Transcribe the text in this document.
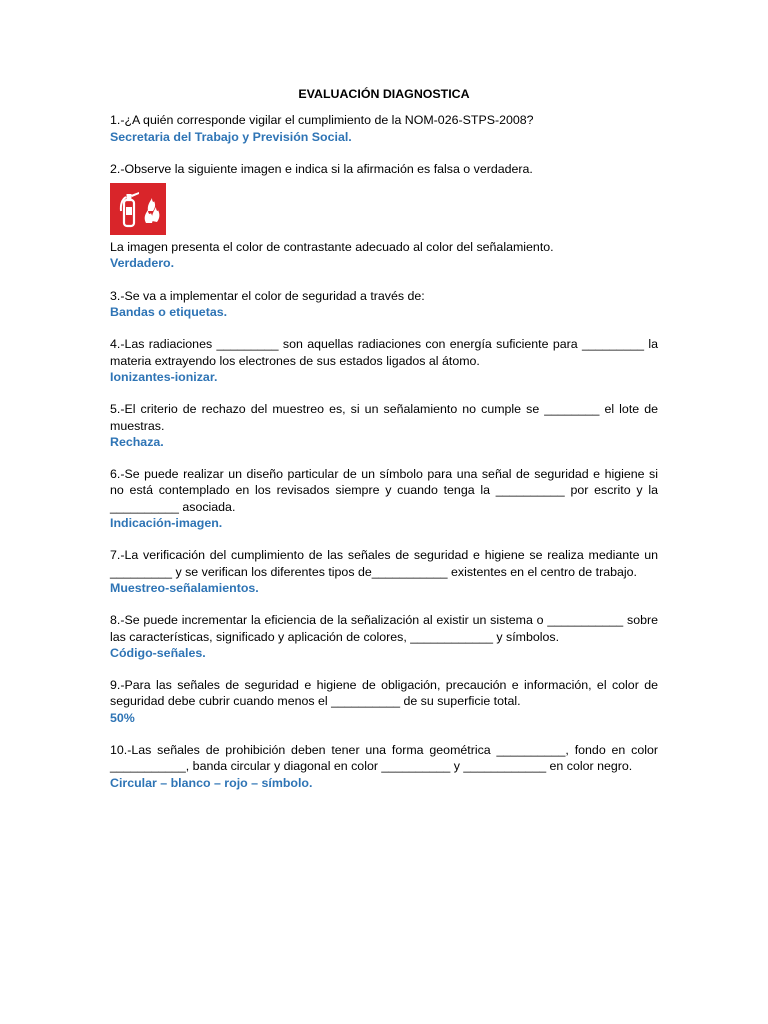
EVALUACIÓN DIAGNOSTICA

1.-¿A quién corresponde vigilar el cumplimiento de la NOM-026-STPS-2008?

Secretaria del Trabajo y Previsión Social.

2.-Observe la siguiente imagen e indica si la afirmación es falsa o verdadera.

La imagen presenta el color de contrastante adecuado al color del señalamiento.

Verdadero.

3.-Se va a implementar el color de seguridad a través de:

Bandas o etiquetas.

4.-Las radiaciones _________ son aquellas radiaciones con energía suficiente para _________ la materia extrayendo los electrones de sus estados ligados al átomo.

Ionizantes-ionizar.

5.-El criterio de rechazo del muestreo es, si un señalamiento no cumple se ________ el lote de muestras.

Rechaza.

6.-Se puede realizar un diseño particular de un símbolo para una señal de seguridad e higiene si no está contemplado en los revisados siempre y cuando tenga la __________ por escrito y la __________ asociada.

Indicación-imagen.

7.-La verificación del cumplimiento de las señales de seguridad e higiene se realiza mediante un _________ y se verifican los diferentes tipos de___________ existentes en el centro de trabajo.

Muestreo-señalamientos.

8.-Se puede incrementar la eficiencia de la señalización al existir un sistema o ___________ sobre las características, significado y aplicación de colores, ____________ y símbolos.

Código-señales.

9.-Para las señales de seguridad e higiene de obligación, precaución e información, el color de seguridad debe cubrir cuando menos el __________ de su superficie total.

50%

10.-Las señales de prohibición deben tener una forma geométrica __________, fondo en color ___________, banda circular y diagonal en color __________ y ____________ en color negro.

Circular – blanco – rojo – símbolo.
